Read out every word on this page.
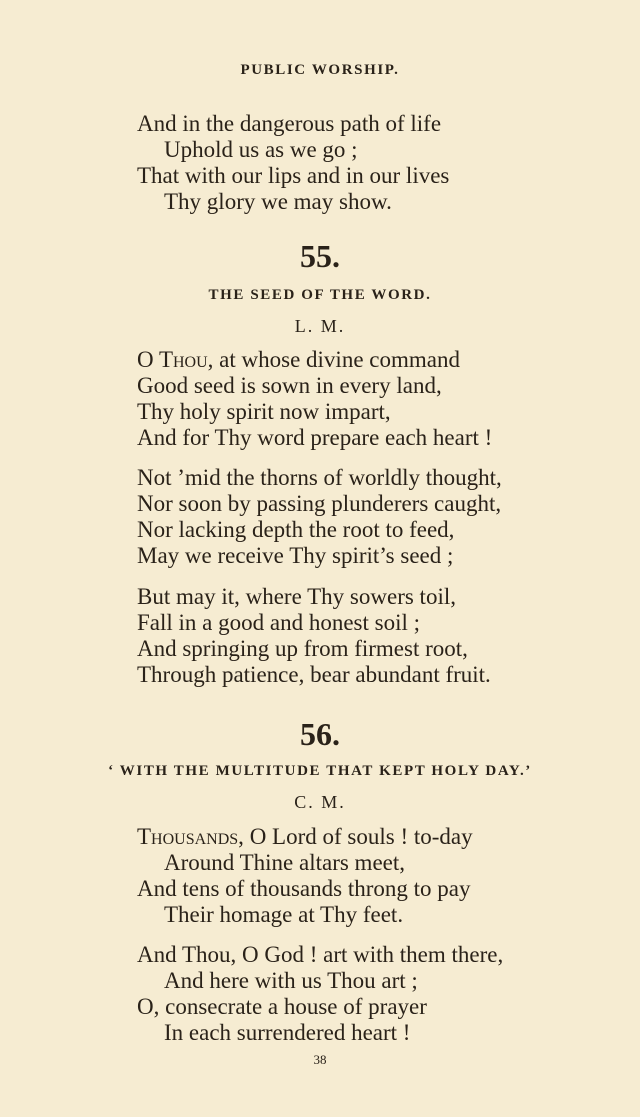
PUBLIC WORSHIP.
And in the dangerous path of life
Uphold us as we go ;
That with our lips and in our lives
Thy glory we may show.
55.
THE SEED OF THE WORD.
L. M.
O Thou, at whose divine command
Good seed is sown in every land,
Thy holy spirit now impart,
And for Thy word prepare each heart !
Not ’mid the thorns of worldly thought,
Nor soon by passing plunderers caught,
Nor lacking depth the root to feed,
May we receive Thy spirit’s seed ;
But may it, where Thy sowers toil,
Fall in a good and honest soil ;
And springing up from firmest root,
Through patience, bear abundant fruit.
56.
‘ WITH THE MULTITUDE THAT KEPT HOLY DAY.’
C. M.
Thousands, O Lord of souls ! to-day
Around Thine altars meet,
And tens of thousands throng to pay
Their homage at Thy feet.
And Thou, O God ! art with them there,
And here with us Thou art ;
O, consecrate a house of prayer
In each surrendered heart !
38
